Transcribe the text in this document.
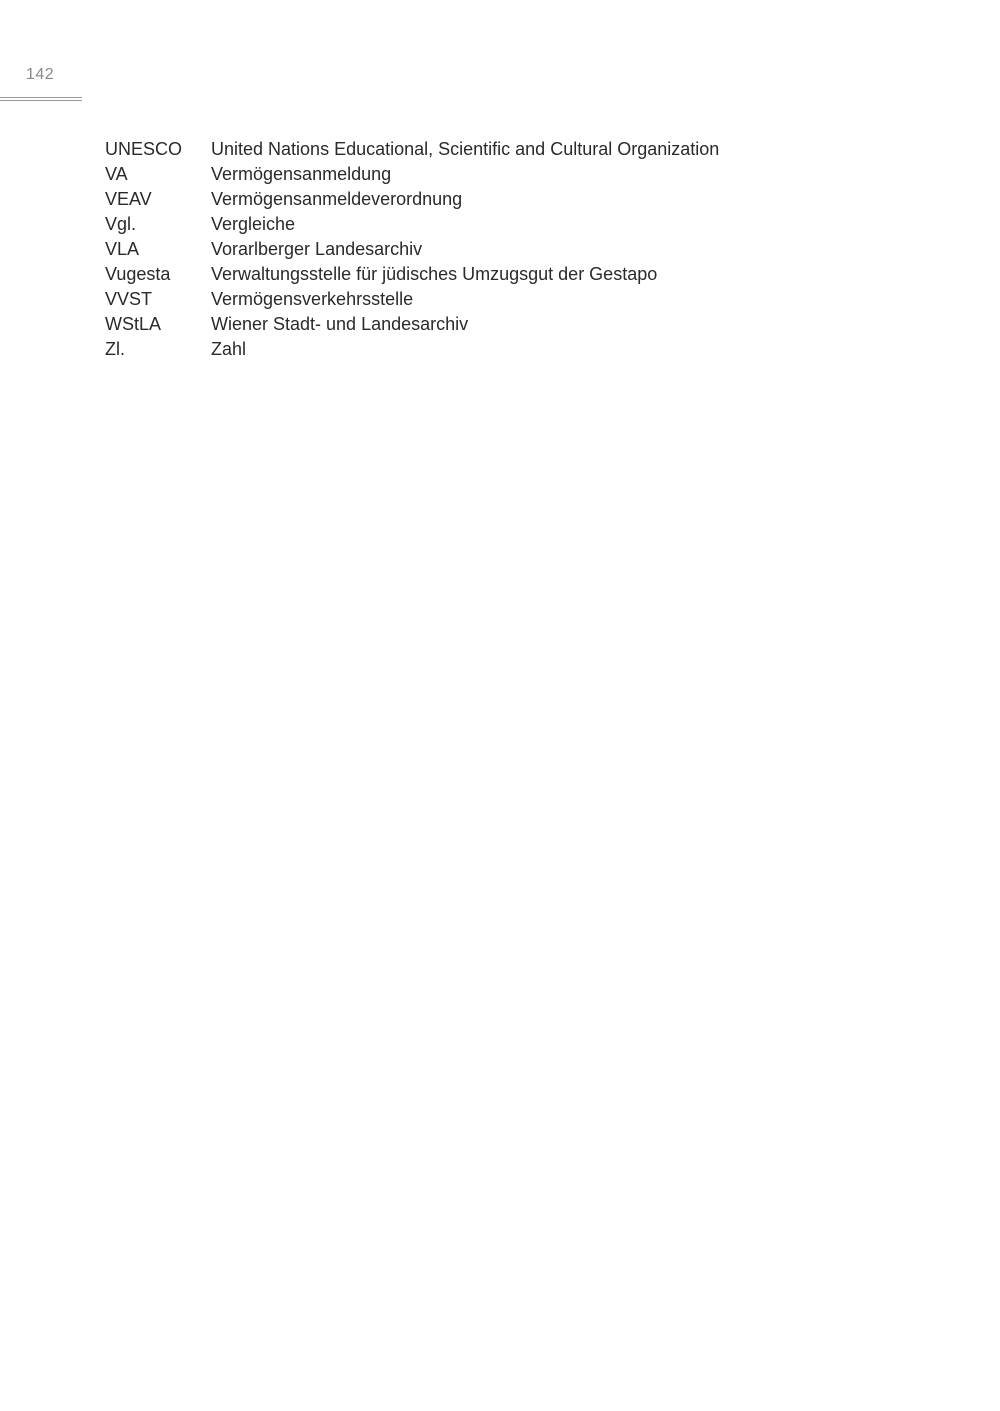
142
UNESCO	United Nations Educational, Scientific and Cultural Organization
VA	Vermögensanmeldung
VEAV	Vermögensanmeldeverordnung
Vgl.	Vergleiche
VLA	Vorarlberger Landesarchiv
Vugesta	Verwaltungsstelle für jüdisches Umzugsgut der Gestapo
VVST	Vermögensverkehrsstelle
WStLA	Wiener Stadt- und Landesarchiv
Zl.	Zahl
